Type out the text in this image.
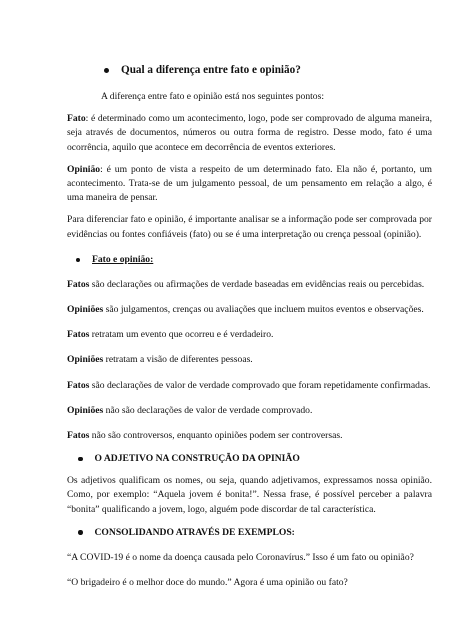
Qual a diferença entre fato e opinião?

A diferença entre fato e opinião está nos seguintes pontos:

Fato: é determinado como um acontecimento, logo, pode ser comprovado de alguma maneira, seja através de documentos, números ou outra forma de registro. Desse modo, fato é uma ocorrência, aquilo que acontece em decorrência de eventos exteriores.

Opinião: é um ponto de vista a respeito de um determinado fato. Ela não é, portanto, um acontecimento. Trata-se de um julgamento pessoal, de um pensamento em relação a algo, é uma maneira de pensar.

Para diferenciar fato e opinião, é importante analisar se a informação pode ser comprovada por evidências ou fontes confiáveis (fato) ou se é uma interpretação ou crença pessoal (opinião).

Fato e opinião:

Fatos são declarações ou afirmações de verdade baseadas em evidências reais ou percebidas.

Opiniões são julgamentos, crenças ou avaliações que incluem muitos eventos e observações.

Fatos retratam um evento que ocorreu e é verdadeiro.

Opiniões retratam a visão de diferentes pessoas.

Fatos são declarações de valor de verdade comprovado que foram repetidamente confirmadas.

Opiniões não são declarações de valor de verdade comprovado.

Fatos não são controversos, enquanto opiniões podem ser controversas.

O ADJETIVO NA CONSTRUÇÃO DA OPINIÃO

Os adjetivos qualificam os nomes, ou seja, quando adjetivamos, expressamos nossa opinião. Como, por exemplo: “Aquela jovem é bonita!”. Nessa frase, é possível perceber a palavra “bonita” qualificando a jovem, logo, alguém pode discordar de tal característica.

CONSOLIDANDO ATRAVÉS DE EXEMPLOS:

“A COVID-19 é o nome da doença causada pelo Coronavírus.” Isso é um fato ou opinião?

“O brigadeiro é o melhor doce do mundo.” Agora é uma opinião ou fato?
